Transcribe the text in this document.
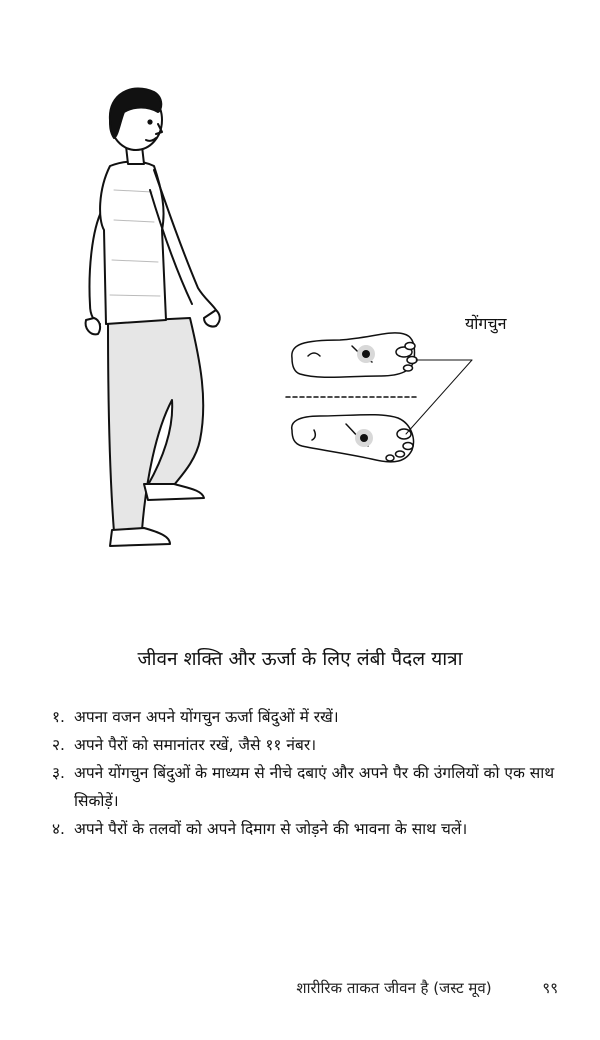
योंगचुन
जीवन शक्ति और ऊर्जा के लिए लंबी पैदल यात्रा
१. अपना वजन अपने योंगचुन ऊर्जा बिंदुओं में रखें।
२. अपने पैरों को समानांतर रखें, जैसे ११ नंबर।
३. अपने योंगचुन बिंदुओं के माध्यम से नीचे दबाएं और अपने पैर की उंगलियों को एक साथ सिकोड़ें।
४. अपने पैरों के तलवों को अपने दिमाग से जोड़ने की भावना के साथ चलें।
शारीरिक ताकत जीवन है (जस्ट मूव)	९९
